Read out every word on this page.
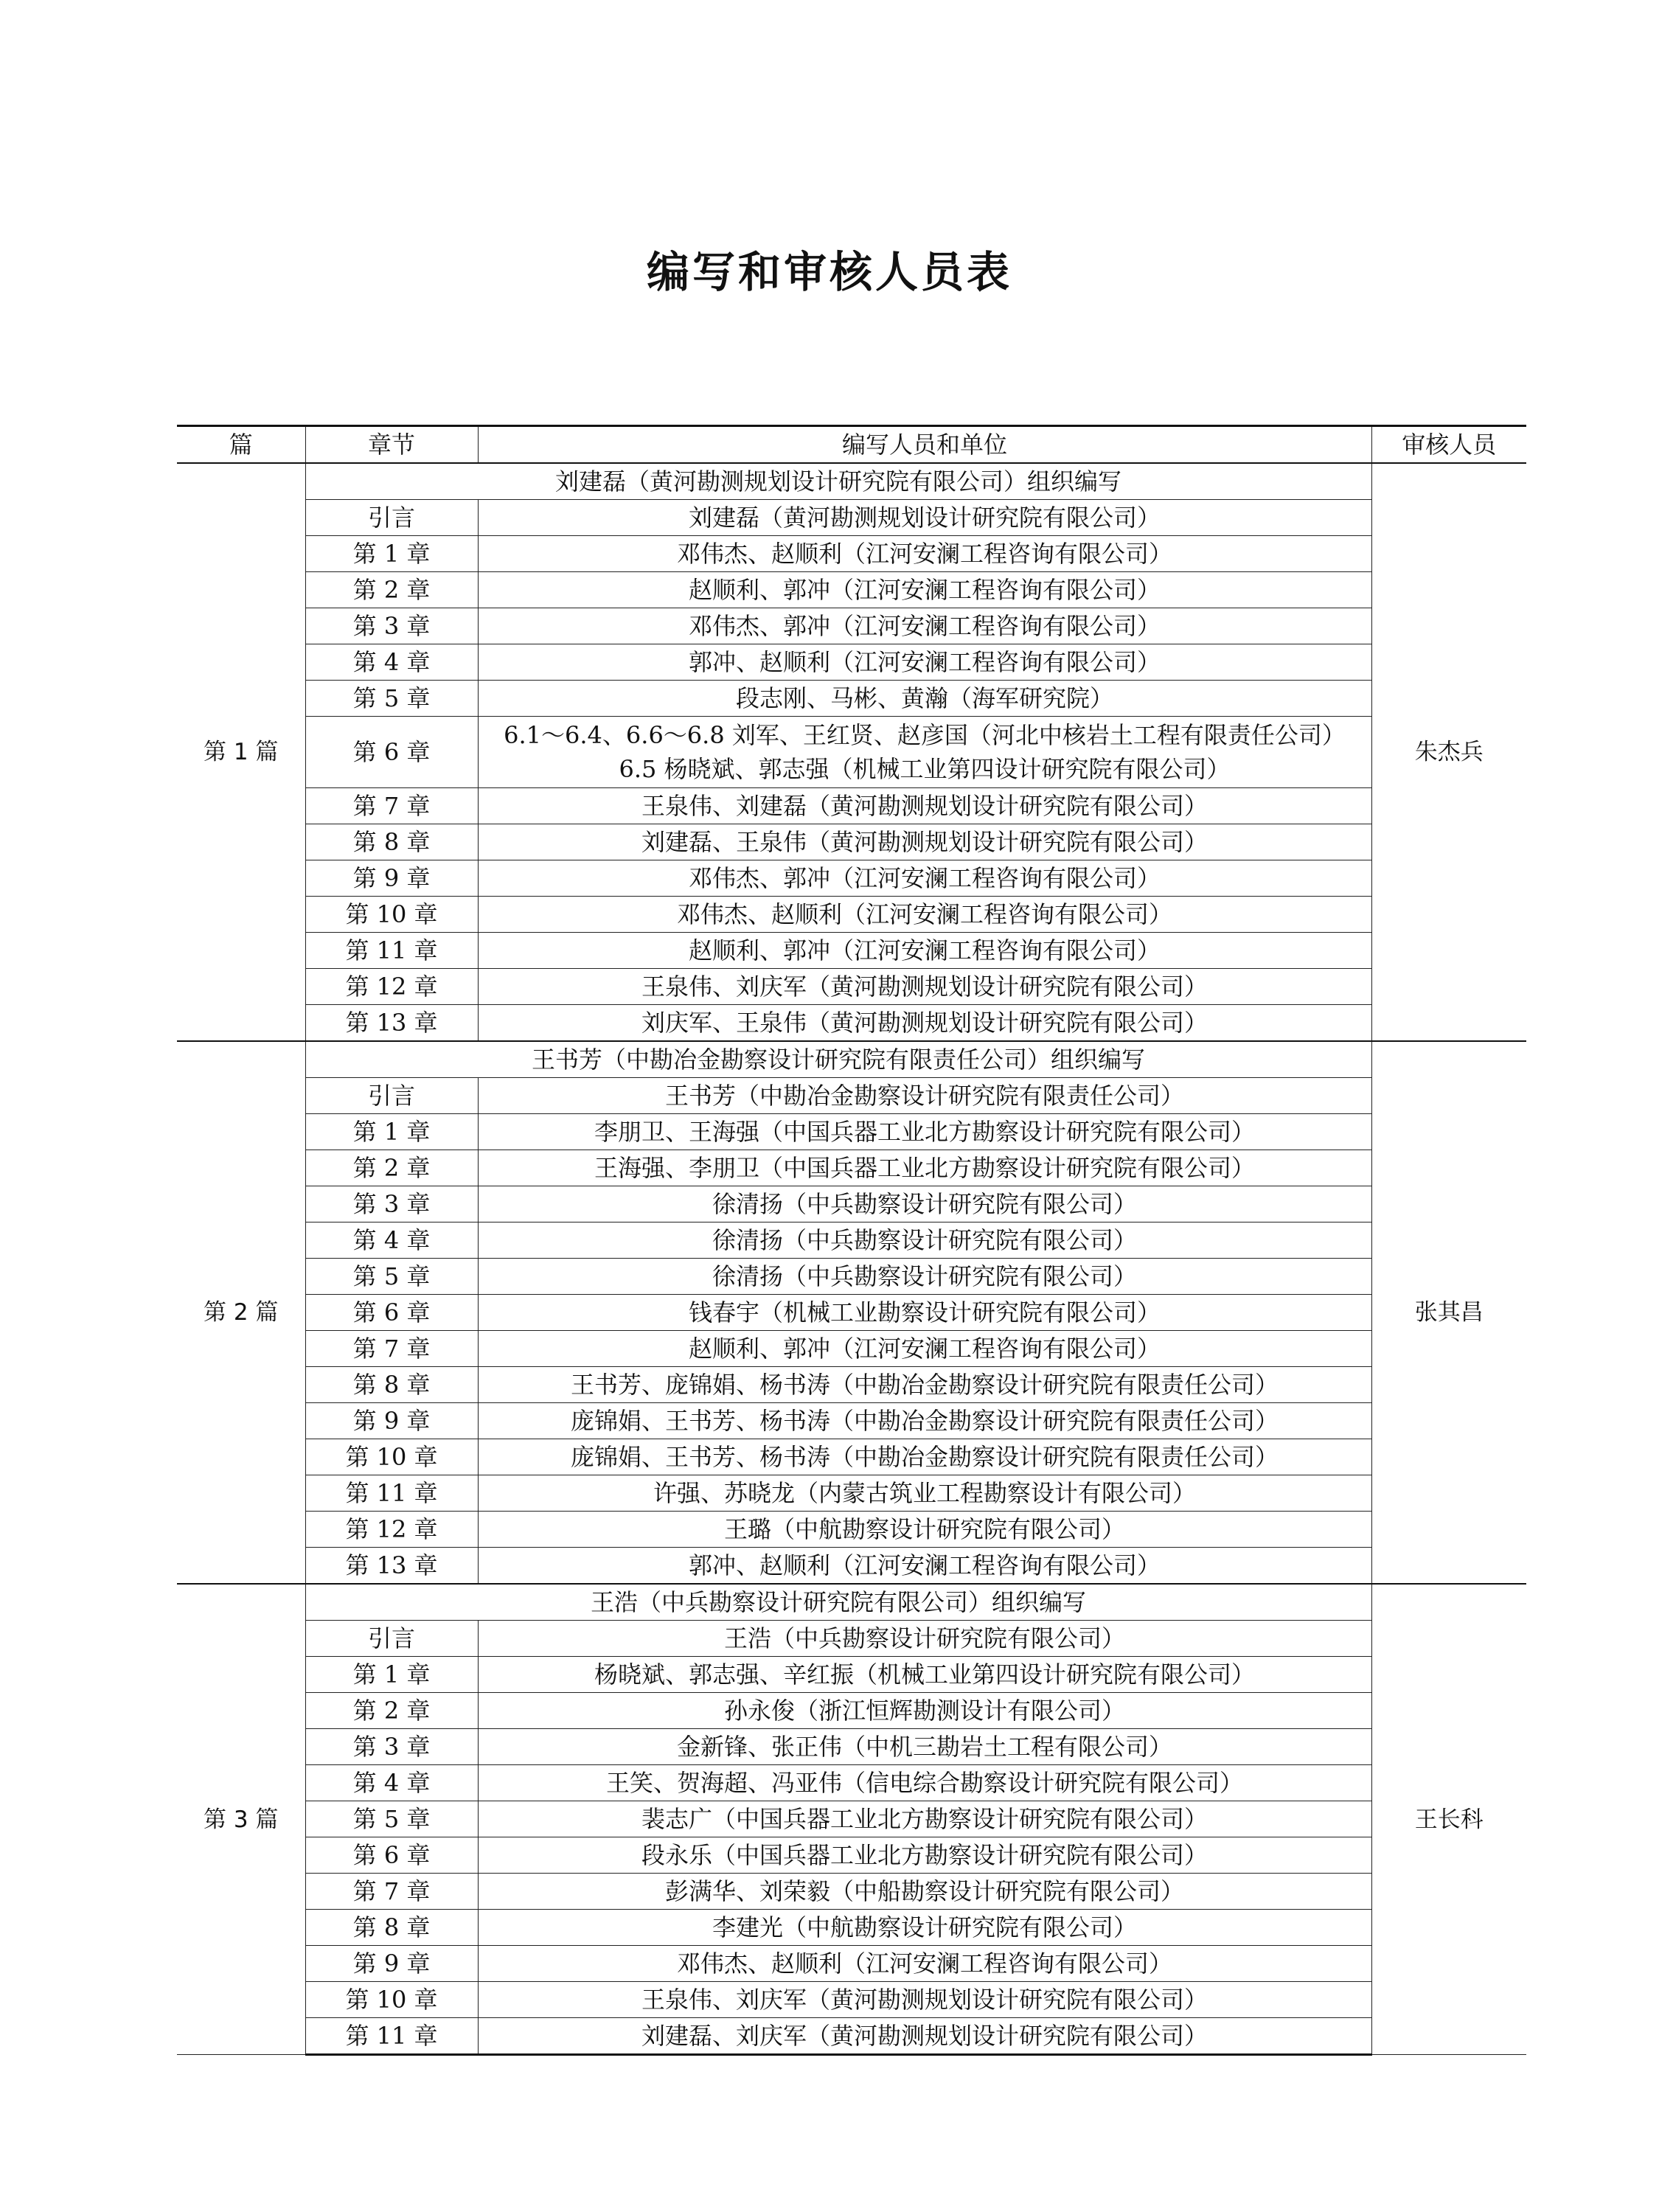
编写和审核人员表
篇	章节	编写人员和单位	审核人员
第 1 篇	刘建磊（黄河勘测规划设计研究院有限公司）组织编写		朱杰兵
	引言	刘建磊（黄河勘测规划设计研究院有限公司）	

	第 1 章	邓伟杰、赵顺利（江河安澜工程咨询有限公司）	

	第 2 章	赵顺利、郭冲（江河安澜工程咨询有限公司）	

	第 3 章	邓伟杰、郭冲（江河安澜工程咨询有限公司）	

	第 4 章	郭冲、赵顺利（江河安澜工程咨询有限公司）	

	第 5 章	段志刚、马彬、黄瀚（海军研究院）	

	第 6 章	6.1～6.4、6.6～6.8 刘军、王红贤、赵彦国（河北中核岩土工程有限责任公司）
6.5 杨晓斌、郭志强（机械工业第四设计研究院有限公司）	

	第 7 章	王泉伟、刘建磊（黄河勘测规划设计研究院有限公司）	

	第 8 章	刘建磊、王泉伟（黄河勘测规划设计研究院有限公司）	

	第 9 章	邓伟杰、郭冲（江河安澜工程咨询有限公司）	

	第 10 章	邓伟杰、赵顺利（江河安澜工程咨询有限公司）	

	第 11 章	赵顺利、郭冲（江河安澜工程咨询有限公司）	

	第 12 章	王泉伟、刘庆军（黄河勘测规划设计研究院有限公司）	

	第 13 章	刘庆军、王泉伟（黄河勘测规划设计研究院有限公司）	

第 2 篇	王书芳（中勘冶金勘察设计研究院有限责任公司）组织编写		张其昌
	引言	王书芳（中勘冶金勘察设计研究院有限责任公司）	

	第 1 章	李朋卫、王海强（中国兵器工业北方勘察设计研究院有限公司）	

	第 2 章	王海强、李朋卫（中国兵器工业北方勘察设计研究院有限公司）	

	第 3 章	徐清扬（中兵勘察设计研究院有限公司）	

	第 4 章	徐清扬（中兵勘察设计研究院有限公司）	

	第 5 章	徐清扬（中兵勘察设计研究院有限公司）	

	第 6 章	钱春宇（机械工业勘察设计研究院有限公司）	

	第 7 章	赵顺利、郭冲（江河安澜工程咨询有限公司）	

	第 8 章	王书芳、庞锦娟、杨书涛（中勘冶金勘察设计研究院有限责任公司）	

	第 9 章	庞锦娟、王书芳、杨书涛（中勘冶金勘察设计研究院有限责任公司）	

	第 10 章	庞锦娟、王书芳、杨书涛（中勘冶金勘察设计研究院有限责任公司）	

	第 11 章	许强、苏晓龙（内蒙古筑业工程勘察设计有限公司）	

	第 12 章	王璐（中航勘察设计研究院有限公司）	

	第 13 章	郭冲、赵顺利（江河安澜工程咨询有限公司）	

第 3 篇	王浩（中兵勘察设计研究院有限公司）组织编写		王长科
	引言	王浩（中兵勘察设计研究院有限公司）	

	第 1 章	杨晓斌、郭志强、辛红振（机械工业第四设计研究院有限公司）	

	第 2 章	孙永俊（浙江恒辉勘测设计有限公司）	

	第 3 章	金新锋、张正伟（中机三勘岩土工程有限公司）	

	第 4 章	王笑、贺海超、冯亚伟（信电综合勘察设计研究院有限公司）	

	第 5 章	裴志广（中国兵器工业北方勘察设计研究院有限公司）	

	第 6 章	段永乐（中国兵器工业北方勘察设计研究院有限公司）	

	第 7 章	彭满华、刘荣毅（中船勘察设计研究院有限公司）	

	第 8 章	李建光（中航勘察设计研究院有限公司）	

	第 9 章	邓伟杰、赵顺利（江河安澜工程咨询有限公司）	

	第 10 章	王泉伟、刘庆军（黄河勘测规划设计研究院有限公司）	

	第 11 章	刘建磊、刘庆军（黄河勘测规划设计研究院有限公司）	
